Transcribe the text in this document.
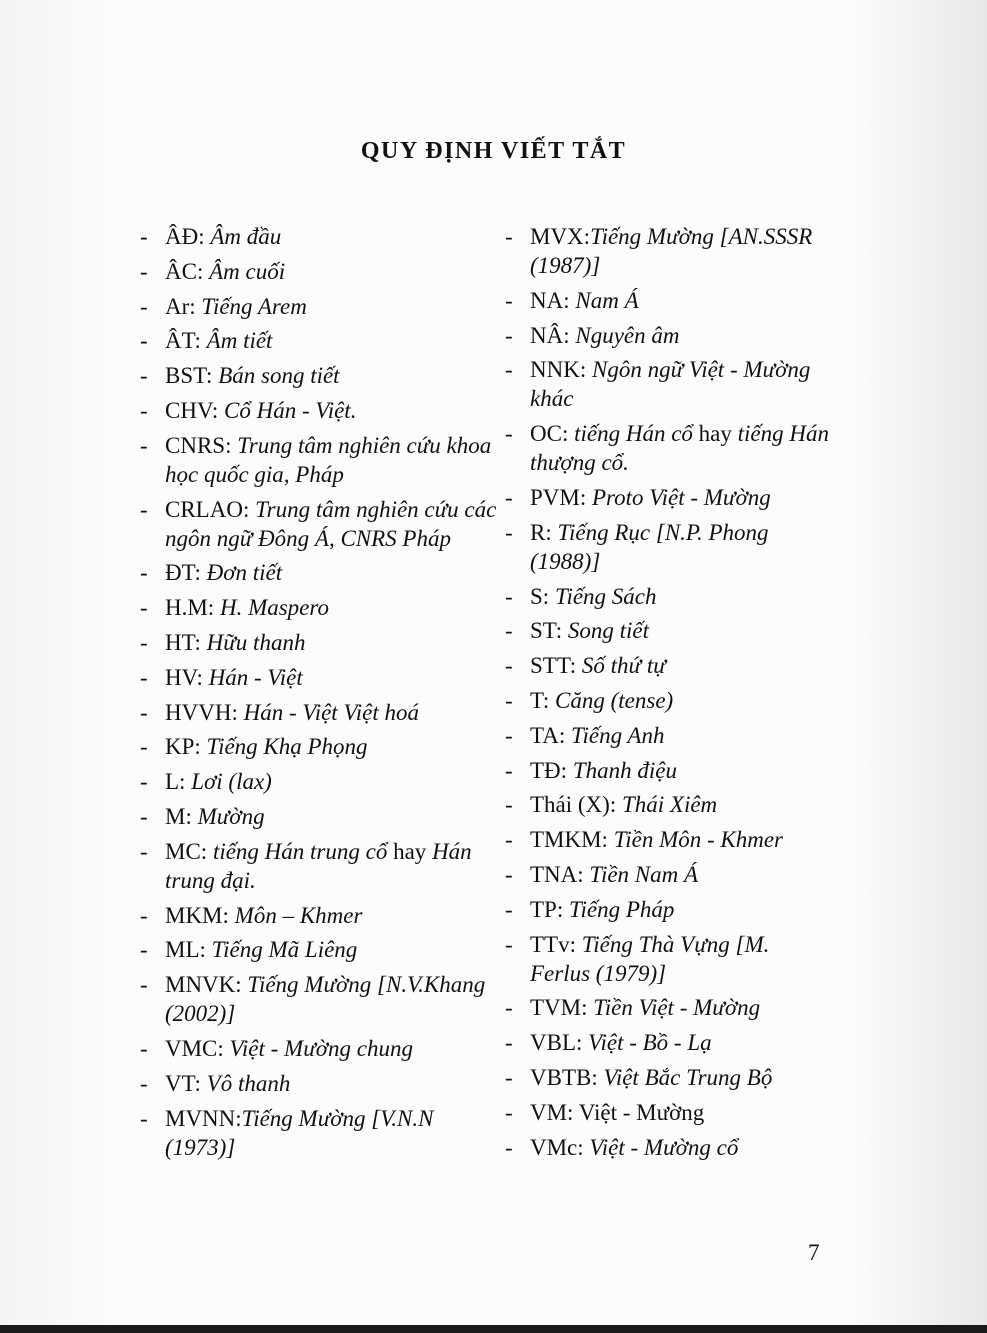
QUY ĐỊNH VIẾT TẮT
- ÂĐ: Âm đầu
- ÂC: Âm cuối
- Ar: Tiếng Arem
- ÂT: Âm tiết
- BST: Bán song tiết
- CHV: Cổ Hán - Việt.
- CNRS: Trung tâm nghiên cứu khoa học quốc gia, Pháp
- CRLAO: Trung tâm nghiên cứu các ngôn ngữ Đông Á, CNRS Pháp
- ĐT: Đơn tiết
- H.M: H. Maspero
- HT: Hữu thanh
- HV: Hán - Việt
- HVVH: Hán - Việt Việt hoá
- KP: Tiếng Khạ Phọng
- L: Lơi (lax)
- M: Mường
- MC: tiếng Hán trung cổ hay Hán trung đại.
- MKM: Môn – Khmer
- ML: Tiếng Mã Liêng
- MNVK: Tiếng Mường [N.V.Khang (2002)]
- VMC: Việt - Mường chung
- VT: Vô thanh
- MVNN:Tiếng Mường [V.N.N (1973)]
- MVX:Tiếng Mường [AN.SSSR (1987)]
- NA: Nam Á
- NÂ: Nguyên âm
- NNK: Ngôn ngữ Việt - Mường khác
- OC: tiếng Hán cổ hay tiếng Hán thượng cổ.
- PVM: Proto Việt - Mường
- R: Tiếng Rục [N.P. Phong (1988)]
- S: Tiếng Sách
- ST: Song tiết
- STT: Số thứ tự
- T: Căng (tense)
- TA: Tiếng Anh
- TĐ: Thanh điệu
- Thái (X): Thái Xiêm
- TMKM: Tiền Môn - Khmer
- TNA: Tiền Nam Á
- TP: Tiếng Pháp
- TTv: Tiếng Thà Vựng [M. Ferlus (1979)]
- TVM: Tiền Việt - Mường
- VBL: Việt - Bồ - Lạ
- VBTB: Việt Bắc Trung Bộ
- VM: Việt - Mường
- VMc: Việt - Mường cổ
7
